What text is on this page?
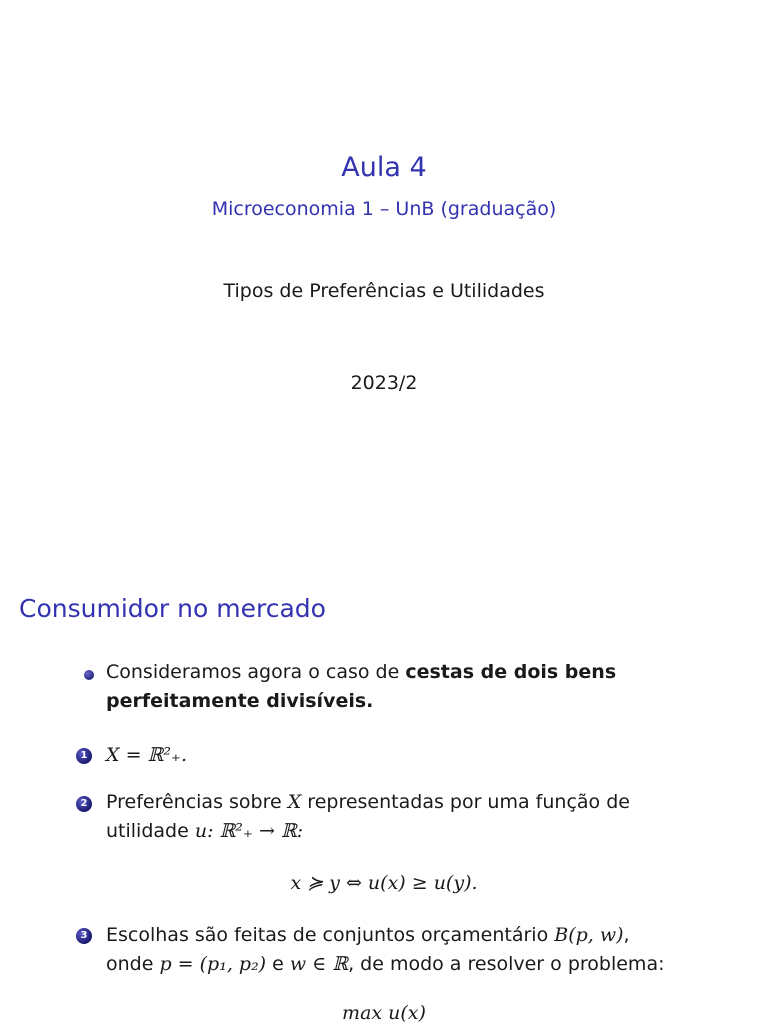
Aula 4
Microeconomia 1 – UnB (graduação)
Tipos de Preferências e Utilidades
2023/2
Consumidor no mercado
Consideramos agora o caso de cestas de dois bens perfeitamente divisíveis.
1 X = ℝ²₊.
2 Preferências sobre X representadas por uma função de utilidade u: ℝ²₊ → ℝ:
x ≽ y ⇔ u(x) ≥ u(y).
3 Escolhas são feitas de conjuntos orçamentário B(p, w), onde p = (p₁, p₂) e w ∈ ℝ, de modo a resolver o problema:
max u(x)
